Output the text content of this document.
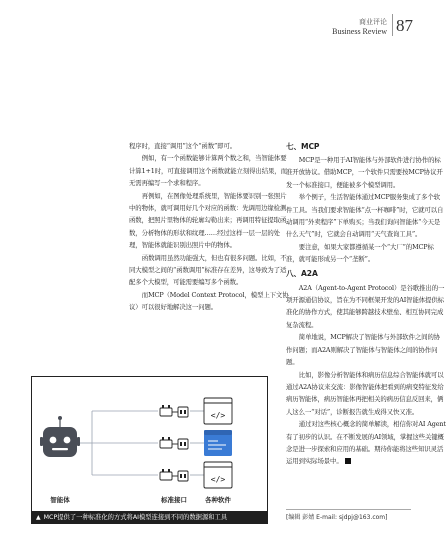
商业评论
Business Review 87

程序时，直接“调用”这个“函数”即可。

例如，有一个函数能够计算两个数之和，当智能体要计算1+1时，可直接调用这个函数就能立刻得出结果，而无需再编写一个求和程序。

再例如，在图像处理系统里，智能体要识别一张照片中的物体，就可调用好几个对应的函数：先调用边缘检测函数，把照片里物体的轮廓勾勒出来；再调用特征提取函数，分析物体的形状和纹理……经过这样一层一层的处理，智能体就能识别出照片中的物体。

函数调用虽然功能强大，但也有很多问题。比如，不同大模型之间的“函数调用”标准存在差异，这导致为了适配多个大模型，可能需要编写多个函数。

而MCP（Model Context Protocol，模型上下文协议）可以很好地解决这一问题。

七、MCP

MCP是一种用于AI智能体与外部软件进行协作的标准开放协议。借助MCP，一个软件只需要按MCP协议开发一个标准接口，便能被多个模型调用。

举个例子，生活智能体通过MCP服务集成了多个软件工具。当我们要求智能体“点一杯咖啡”时，它就可以自动调用“外卖程序”下单购买；当我们询问智能体“今天是什么天气”时，它就会自动调用“天气查询工具”。

要注意，如果大家都遵循某一个“大厂”的MCP标准，就可能形成另一个“垄断”。

八、A2A

A2A（Agent-to-Agent Protocol）是谷歌推出的一项开源通信协议，旨在为不同框架开发的AI智能体提供标准化的协作方式，使其能够跨越技术壁垒、相互协同完成复杂流程。

简单地说，MCP解决了智能体与外部软件之间的协作问题；而A2A则解决了智能体与智能体之间的协作问题。

比如，影像分析智能体和病历信息综合智能体就可以通过A2A协议来交流：影像智能体把看到的病变特征发给病历智能体，病历智能体再把相关的病历信息反回来，俩人这么一“对话”，诊断报告就生成得又快又准。

通过对这些核心概念的简单解读，相信你对AI Agent有了初步的认识。在不断发展的AI领域，掌握这些关键概念是进一步探索和应用的基础。期待你能将这些知识灵活运用到实际场景中。

</>
</>
智能体	标准接口	各种软件
▲ MCP提供了一种标准化的方式将AI模型连接到不同的数据源和工具	[编辑 彭婧 E-mail: sjdpj@163.com]
